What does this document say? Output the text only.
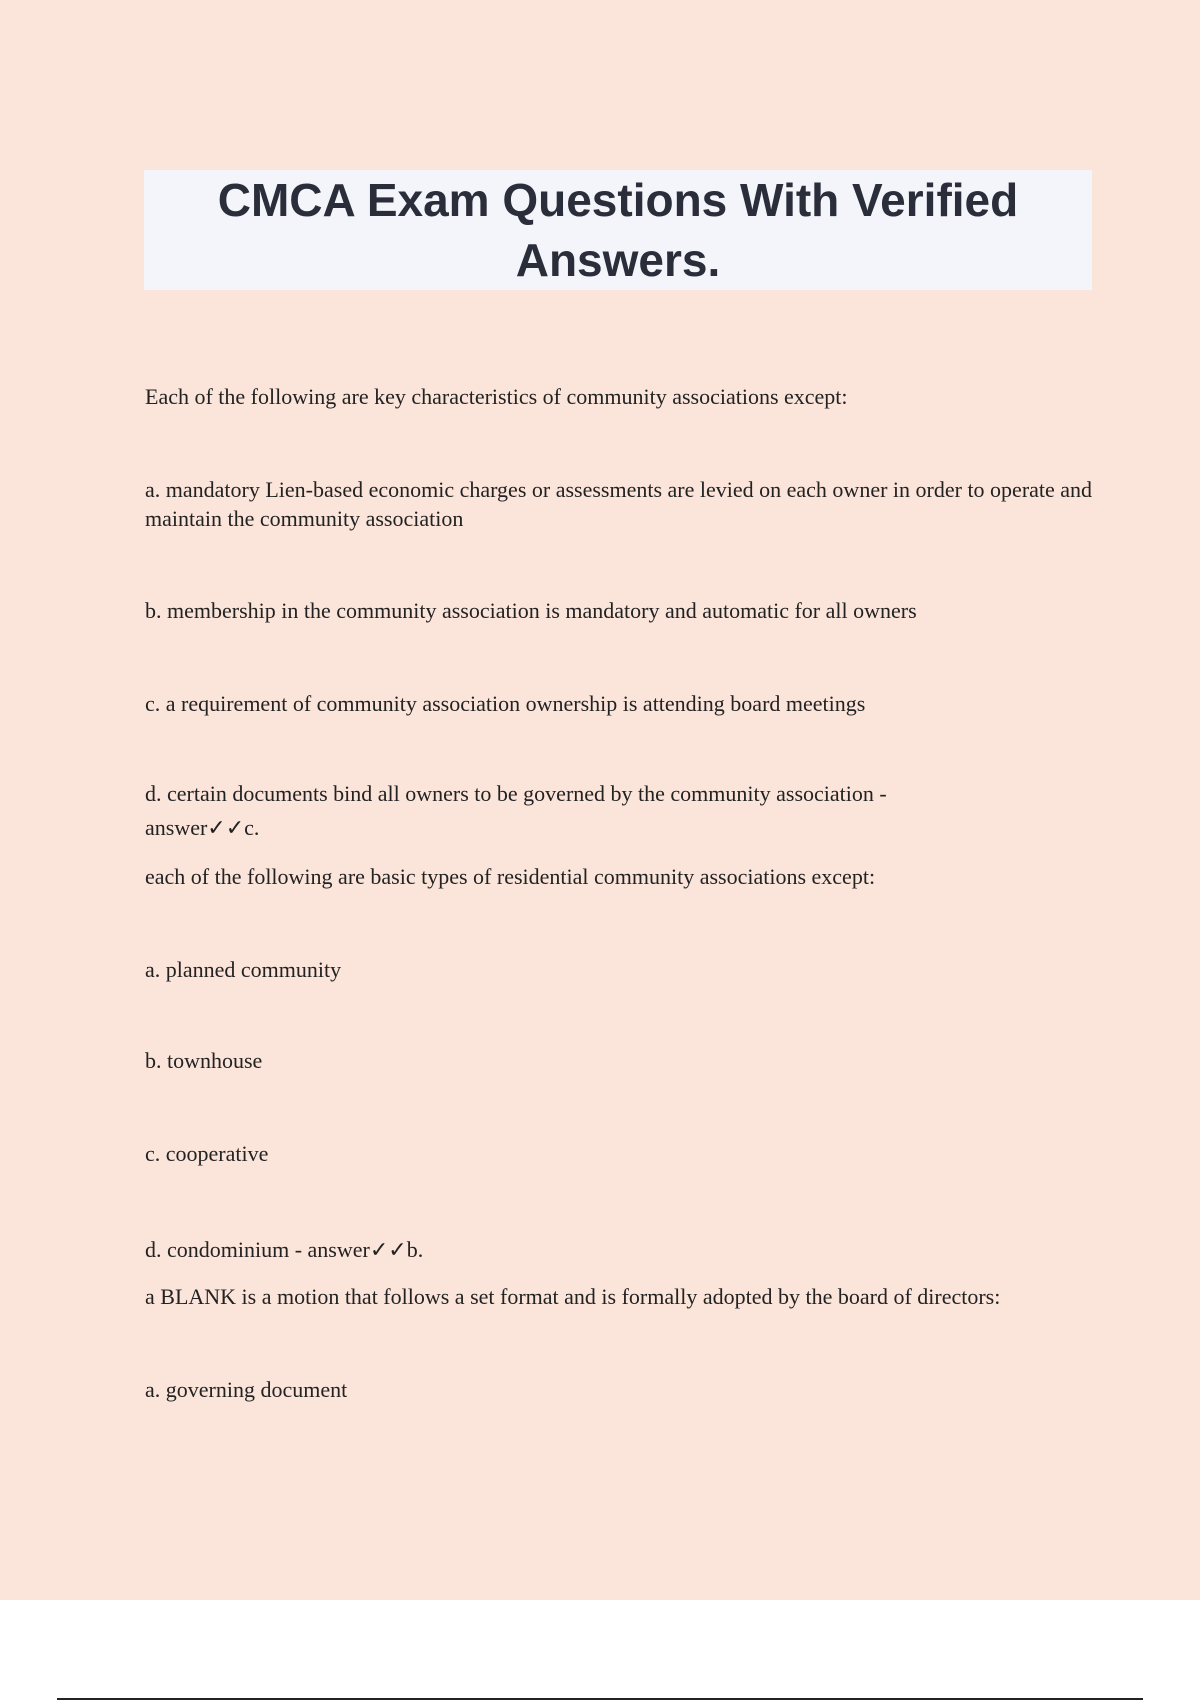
CMCA Exam Questions With Verified Answers.

Each of the following are key characteristics of community associations except:

a. mandatory Lien-based economic charges or assessments are levied on each owner in order to operate and maintain the community association

b. membership in the community association is mandatory and automatic for all owners

c. a requirement of community association ownership is attending board meetings

d. certain documents bind all owners to be governed by the community association - answer✓✓c.

each of the following are basic types of residential community associations except:

a. planned community

b. townhouse

c. cooperative

d. condominium - answer✓✓b.

a BLANK is a motion that follows a set format and is formally adopted by the board of directors:

a. governing document
